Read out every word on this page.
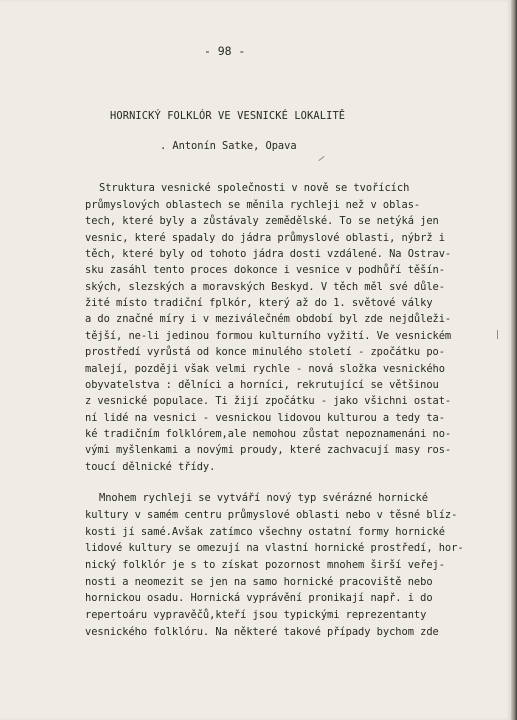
- 98 -
HORNICKÝ FOLKLÓR VE VESNICKÉ LOKALITĚ
. Antonín Satke, Opava
Struktura vesnické společnosti v nově se tvořících
průmyslových oblastech se měnila rychleji než v oblas-
tech, které byly a zůstávaly zemědělské. To se netýká jen
vesnic, které spadaly do jádra průmyslové oblasti, nýbrž i
těch, které byly od tohoto jádra dosti vzdálené. Na Ostrav-
sku zasáhl tento proces dokonce i vesnice v podhůří těšín-
ských, slezských a moravských Beskyd. V těch měl své důle-
žité místo tradiční fplkór, který až do 1. světové války
a do značné míry i v meziválečném období byl zde nejdůleži-
tější, ne-li jedinou formou kulturního vyžití. Ve vesnickém
prostředí vyrůstá od konce minulého století - zpočátku po-
malejí, později však velmi rychle - nová složka vesnického
obyvatelstva : dělníci a horníci, rekrutující se většinou
z vesnické populace. Ti žijí zpočátku - jako všichni ostat-
ní lidé na vesnici - vesnickou lidovou kulturou a tedy ta-
ké tradičním folklórem,ale nemohou zůstat nepoznamenáni no-
vými myšlenkami a novými proudy, které zachvacují masy ros-
toucí dělnické třídy.
Mnohem rychleji se vytváří nový typ svérázné hornické
kultury v samém centru průmyslové oblasti nebo v těsné blíz-
kosti jí samé.Avšak zatímco všechny ostatní formy hornické
lidové kultury se omezují na vlastní hornické prostředí, hor-
nický folklór je s to získat pozornost mnohem širší veřej-
nosti a neomezit se jen na samo hornické pracoviště nebo
hornickou osadu. Hornická vyprávění pronikají např. i do
repertoáru vypravěčů,kteří jsou typickými reprezentanty
vesnického folklóru. Na některé takové případy bychom zde
